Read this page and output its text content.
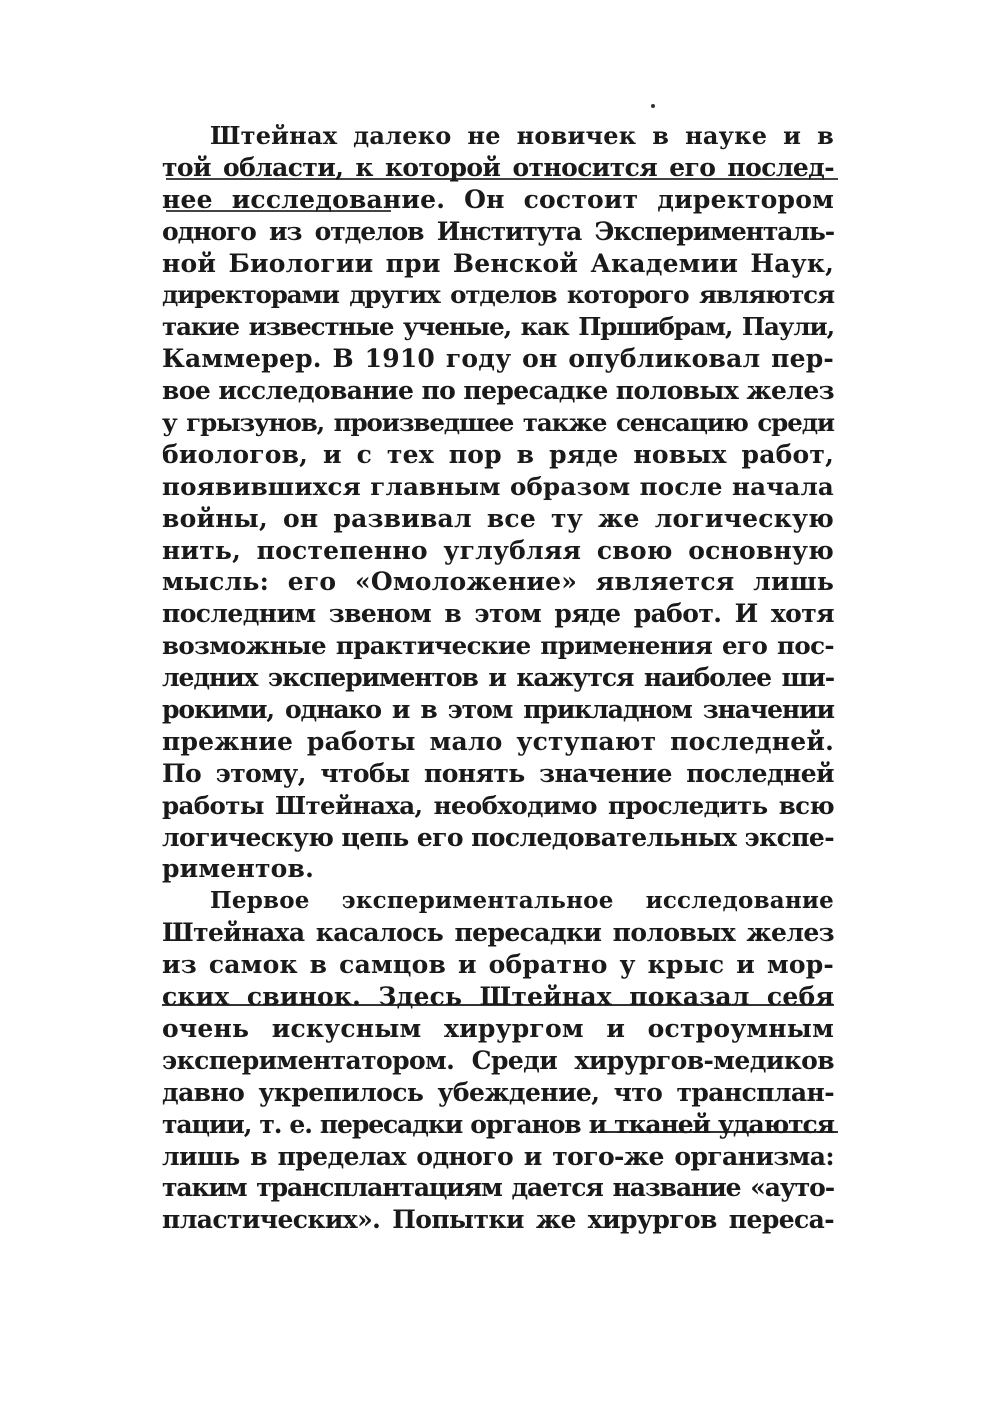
Штейнах далеко не новичек в науке и в
той области, к которой относится его послед-
нее исследование. Он состоит директором
одного из отделов Института Эксперименталь-
ной Биологии при Венской Академии Наук,
директорами других отделов которого являются
такие известные ученые, как Пршибрам, Паули,
Каммерер. В 1910 году он опубликовал пер-
вое исследование по пересадке половых желез
у грызунов, произведшее также сенсацию среди
биологов, и с тех пор в ряде новых работ,
появившихся главным образом после начала
войны, он развивал все ту же логическую
нить, постепенно углубляя свою основную
мысль: его «Омоложение» является лишь
последним звеном в этом ряде работ. И хотя
возможные практические применения его пос-
ледних экспериментов и кажутся наиболее ши-
рокими, однако и в этом прикладном значении
прежние работы мало уступают последней.
По этому, чтобы понять значение последней
работы Штейнаха, необходимо проследить всю
логическую цепь его последовательных экспе-
риментов.
Первое экспериментальное исследование
Штейнаха касалось пересадки половых желез
из самок в самцов и обратно у крыс и мор-
ских свинок. Здесь Штейнах показал себя
очень искусным хирургом и остроумным
экспериментатором. Среди хирургов-медиков
давно укрепилось убеждение, что трансплан-
тации, т. е. пересадки органов и тканей удаются
лишь в пределах одного и того-же организма:
таким трансплантациям дается название «ауто-
пластических». Попытки же хирургов переса-
